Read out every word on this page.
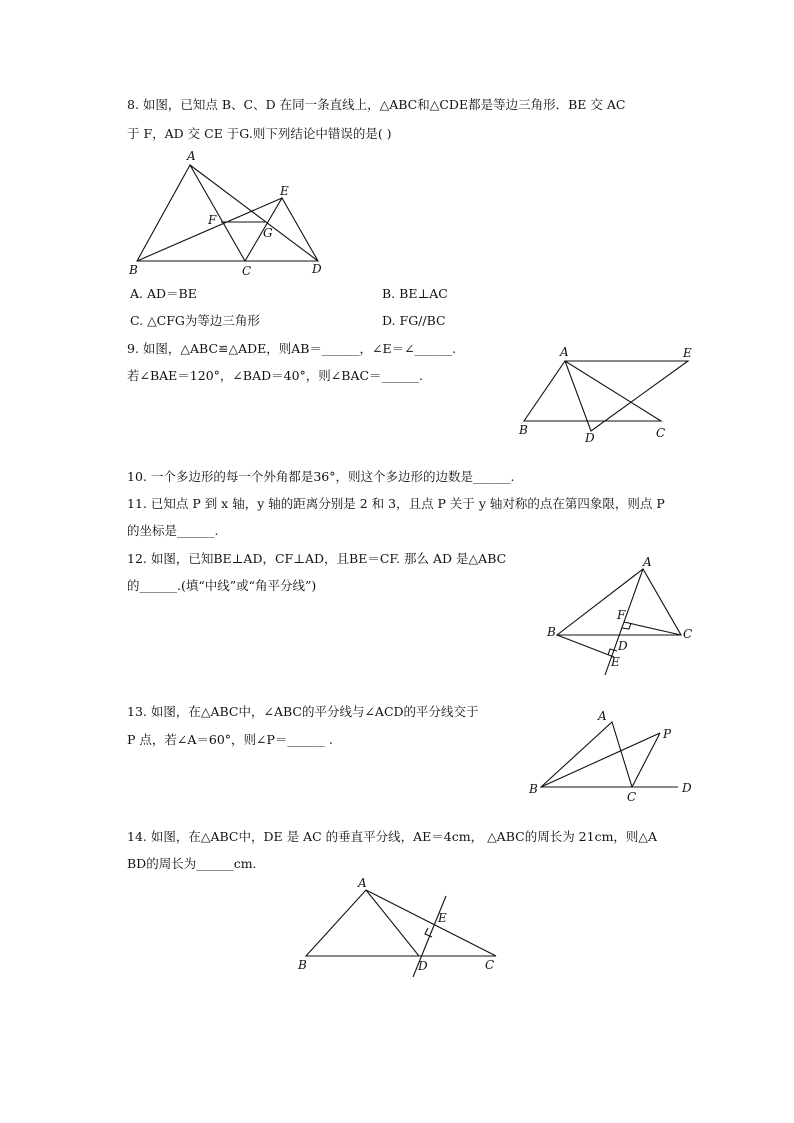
8. 如图，已知点 B、C、D 在同一条直线上，△ABC和△CDE都是等边三角形．BE 交 AC
于 F，AD 交 CE 于G.则下列结论中错误的是( )
A
B	C	D
E
F
G
A. AD＝BE	B. BE⊥AC
C. △CFG为等边三角形	D. FG//BC
9. 如图，△ABC≌△ADE，则AB＝______，∠E＝∠______.
若∠BAE＝120°，∠BAD＝40°，则∠BAC＝______.
A
B	C
D
E
10. 一个多边形的每一个外角都是36°，则这个多边形的边数是______.
11. 已知点 P 到 x 轴，y 轴的距离分别是 2 和 3，且点 P 关于 y 轴对称的点在第四象限，则点 P
的坐标是______.
12. 如图，已知BE⊥AD，CF⊥AD，且BE＝CF. 那么 AD 是△ABC
的______.(填“中线”或“角平分线”)
A
B	C
D
E
F
13. 如图，在△ABC中，∠ABC的平分线与∠ACD的平分线交于
P 点，若∠A＝60°，则∠P＝______ .
A
B
C
D
P
14. 如图，在△ABC中，DE 是 AC 的垂直平分线，AE＝4cm， △ABC的周长为 21cm，则△A
BD的周长为______cm.
A
B	C
D
E
